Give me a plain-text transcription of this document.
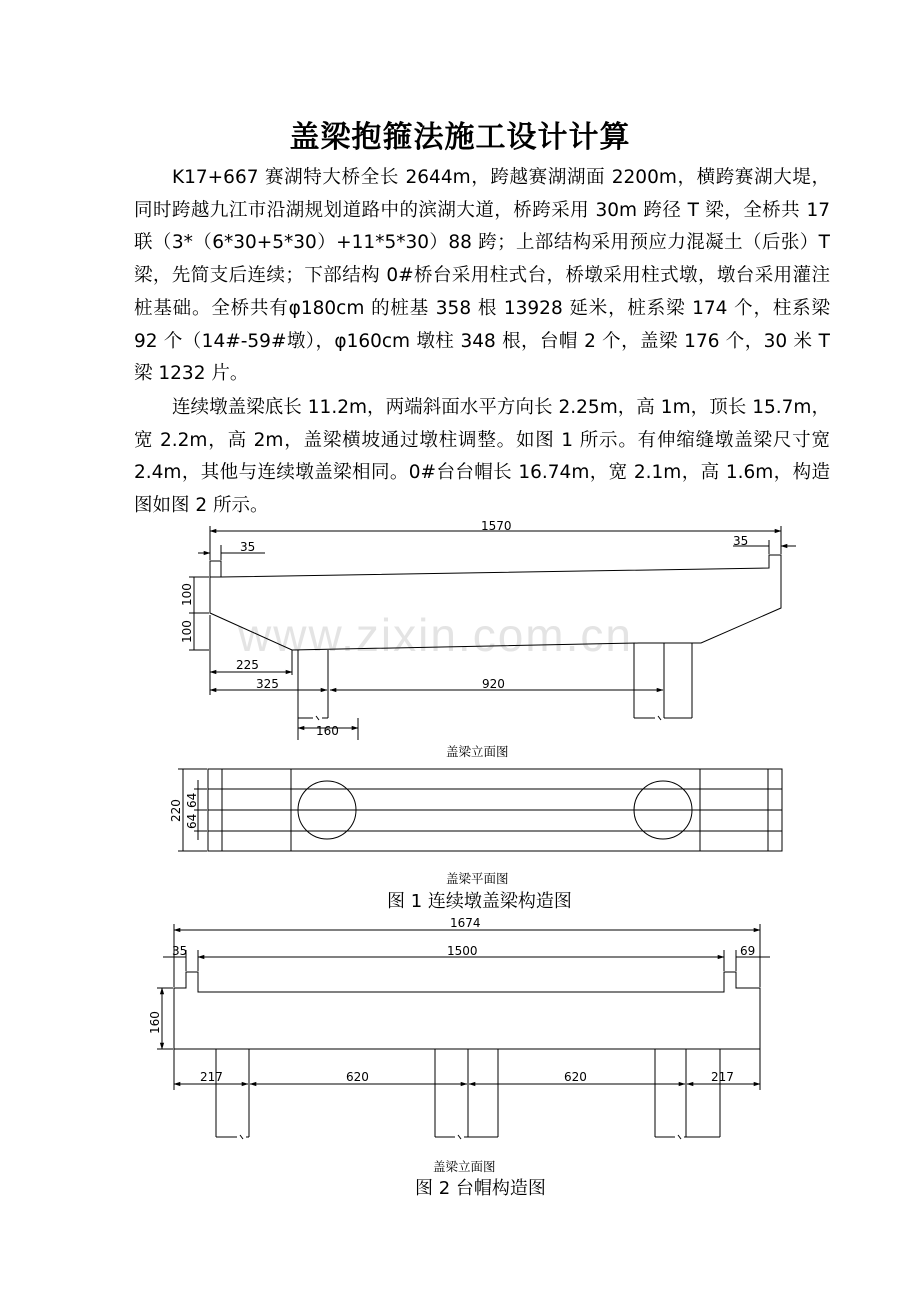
盖梁抱箍法施工设计计算

K17+667 赛湖特大桥全长 2644m，跨越赛湖湖面 2200m，横跨赛湖大堤，同时跨越九江市沿湖规划道路中的滨湖大道，桥跨采用 30m 跨径 T 梁，全桥共 17 联（3*（6*30+5*30）+11*5*30）88 跨；上部结构采用预应力混凝土（后张）T 梁，先简支后连续；下部结构 0#桥台采用柱式台，桥墩采用柱式墩，墩台采用灌注桩基础。全桥共有φ180cm 的桩基 358 根 13928 延米，桩系梁 174 个，柱系梁 92 个（14#-59#墩），φ160cm 墩柱 348 根，台帽 2 个，盖梁 176 个，30 米 T 梁 1232 片。

连续墩盖梁底长 11.2m，两端斜面水平方向长 2.25m，高 1m，顶长 15.7m，宽 2.2m，高 2m，盖梁横坡通过墩柱调整。如图 1 所示。有伸缩缝墩盖梁尺寸宽 2.4m，其他与连续墩盖梁相同。0#台台帽长 16.74m，宽 2.1m，高 1.6m，构造图如图 2 所示。

www.zixin.com.cn
1570
35	35
100
100
225
325	920
160
盖梁立面图
220 64
64
盖梁平面图
图 1 连续墩盖梁构造图
1674
35	1500	69
160
217	620	620	217
盖梁立面图
图 2 台帽构造图
